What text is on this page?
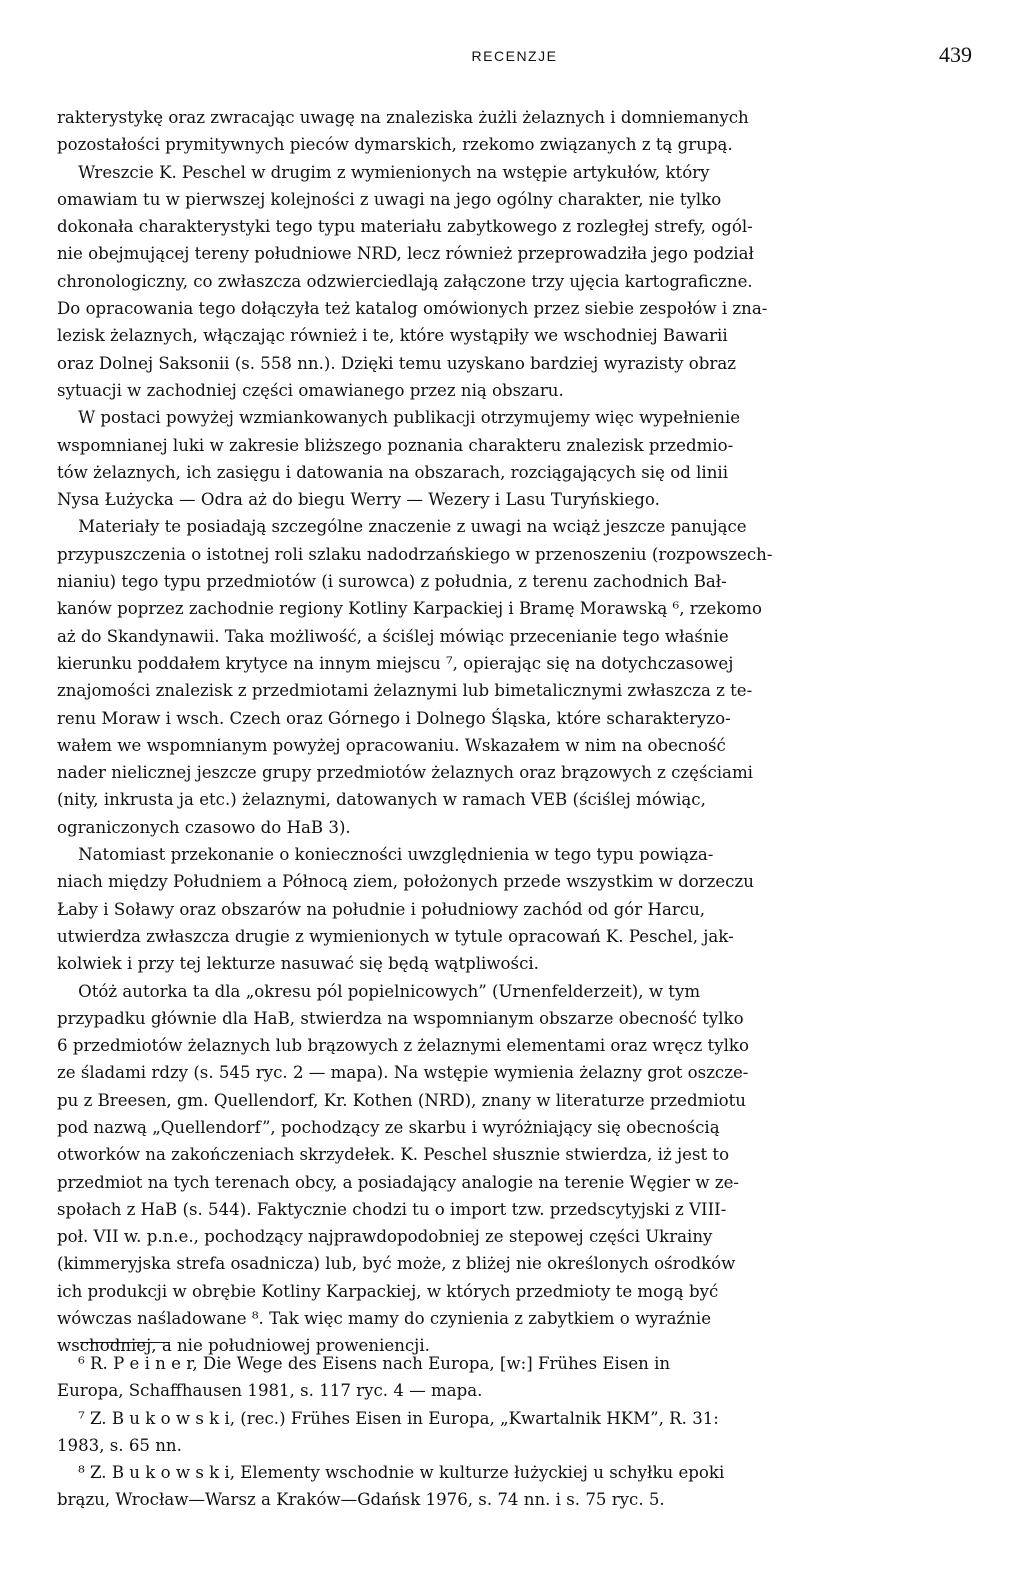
RECENZJE	439
rakterystykę oraz zwracając uwagę na znaleziska żużli żelaznych i domniemanych
pozostałości prymitywnych pieców dymarskich, rzekomo związanych z tą grupą.
Wreszcie K. Peschel w drugim z wymienionych na wstępie artykułów, który
omawiam tu w pierwszej kolejności z uwagi na jego ogólny charakter, nie tylko
dokonała charakterystyki tego typu materiału zabytkowego z rozległej strefy, ogól-
nie obejmującej tereny południowe NRD, lecz również przeprowadziła jego podział
chronologiczny, co zwłaszcza odzwierciedlają załączone trzy ujęcia kartograficzne.
Do opracowania tego dołączyła też katalog omówionych przez siebie zespołów i zna-
lezisk żelaznych, włączając również i te, które wystąpiły we wschodniej Bawarii
oraz Dolnej Saksonii (s. 558 nn.). Dzięki temu uzyskano bardziej wyrazisty obraz
sytuacji w zachodniej części omawianego przez nią obszaru.
W postaci powyżej wzmiankowanych publikacji otrzymujemy więc wypełnienie
wspomnianej luki w zakresie bliższego poznania charakteru znalezisk przedmio-
tów żelaznych, ich zasięgu i datowania na obszarach, rozciągających się od linii
Nysa Łużycka — Odra aż do biegu Werry — Wezery i Lasu Turyńskiego.
Materiały te posiadają szczególne znaczenie z uwagi na wciąż jeszcze panujące
przypuszczenia o istotnej roli szlaku nadodrzańskiego w przenoszeniu (rozpowszech-
nianiu) tego typu przedmiotów (i surowca) z południa, z terenu zachodnich Bał-
kanów poprzez zachodnie regiony Kotliny Karpackiej i Bramę Morawską ⁶, rzekomo
aż do Skandynawii. Taka możliwość, a ściślej mówiąc przecenianie tego właśnie
kierunku poddałem krytyce na innym miejscu ⁷, opierając się na dotychczasowej
znajomości znalezisk z przedmiotami żelaznymi lub bimetalicznymi zwłaszcza z te-
renu Moraw i wsch. Czech oraz Górnego i Dolnego Śląska, które scharakteryzo-
wałem we wspomnianym powyżej opracowaniu. Wskazałem w nim na obecność
nader nielicznej jeszcze grupy przedmiotów żelaznych oraz brązowych z częściami
(nity, inkrusta ja etc.) żelaznymi, datowanych w ramach VEB (ściślej mówiąc,
ograniczonych czasowo do HaB 3).
Natomiast przekonanie o konieczności uwzględnienia w tego typu powiąza-
niach między Południem a Północą ziem, położonych przede wszystkim w dorzeczu
Łaby i Soławy oraz obszarów na południe i południowy zachód od gór Harcu,
utwierdza zwłaszcza drugie z wymienionych w tytule opracowań K. Peschel, jak-
kolwiek i przy tej lekturze nasuwać się będą wątpliwości.
Otóż autorka ta dla „okresu pól popielnicowych” (Urnenfelderzeit), w tym
przypadku głównie dla HaB, stwierdza na wspomnianym obszarze obecność tylko
6 przedmiotów żelaznych lub brązowych z żelaznymi elementami oraz wręcz tylko
ze śladami rdzy (s. 545 ryc. 2 — mapa). Na wstępie wymienia żelazny grot oszcze-
pu z Breesen, gm. Quellendorf, Kr. Kothen (NRD), znany w literaturze przedmiotu
pod nazwą „Quellendorf”, pochodzący ze skarbu i wyróżniający się obecnością
otworków na zakończeniach skrzydełek. K. Peschel słusznie stwierdza, iż jest to
przedmiot na tych terenach obcy, a posiadający analogie na terenie Węgier w ze-
społach z HaB (s. 544). Faktycznie chodzi tu o import tzw. przedscytyjski z VIII-
poł. VII w. p.n.e., pochodzący najprawdopodobniej ze stepowej części Ukrainy
(kimmeryjska strefa osadnicza) lub, być może, z bliżej nie określonych ośrodków
ich produkcji w obrębie Kotliny Karpackiej, w których przedmioty te mogą być
wówczas naśladowane ⁸. Tak więc mamy do czynienia z zabytkiem o wyraźnie
wschodniej, a nie południowej proweniencji.
⁶ R. P e i n e r, Die Wege des Eisens nach Europa, [w:] Frühes Eisen in
Europa, Schaffhausen 1981, s. 117 ryc. 4 — mapa.
⁷ Z. B u k o w s k i, (rec.) Frühes Eisen in Europa, „Kwartalnik HKM”, R. 31:
1983, s. 65 nn.
⁸ Z. B u k o w s k i, Elementy wschodnie w kulturze łużyckiej u schyłku epoki
brązu, Wrocław—Warsz a Kraków—Gdańsk 1976, s. 74 nn. i s. 75 ryc. 5.
